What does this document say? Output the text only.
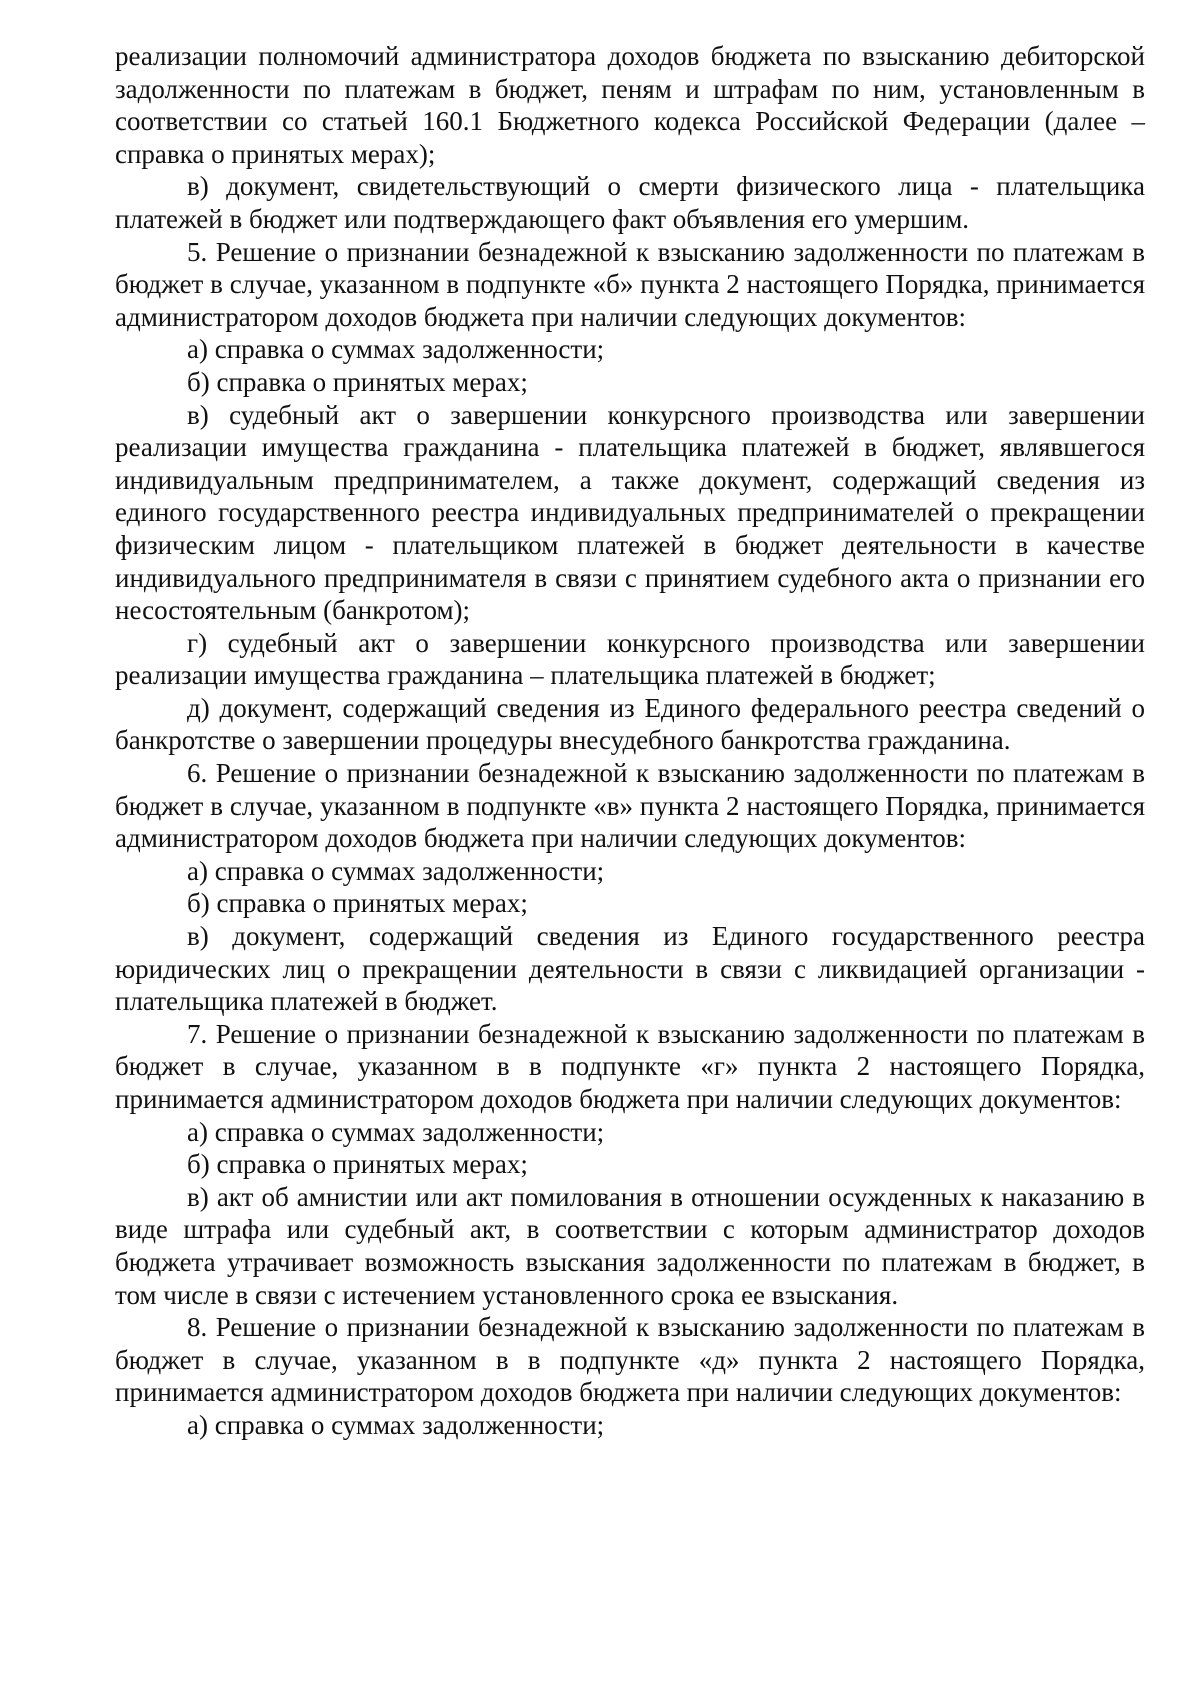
реализации полномочий администратора доходов бюджета по взысканию дебиторской задолженности по платежам в бюджет, пеням и штрафам по ним, установленным в соответствии со статьей 160.1 Бюджетного кодекса Российской Федерации (далее – справка о принятых мерах);

в) документ, свидетельствующий о смерти физического лица - плательщика платежей в бюджет или подтверждающего факт объявления его умершим.

5. Решение о признании безнадежной к взысканию задолженности по платежам в бюджет в случае, указанном в подпункте «б» пункта 2 настоящего Порядка, принимается администратором доходов бюджета при наличии следующих документов:

а) справка о суммах задолженности;

б) справка о принятых мерах;

в) судебный акт о завершении конкурсного производства или завершении реализации имущества гражданина - плательщика платежей в бюджет, являвшегося индивидуальным предпринимателем, а также документ, содержащий сведения из единого государственного реестра индивидуальных предпринимателей о прекращении физическим лицом - плательщиком платежей в бюджет деятельности в качестве индивидуального предпринимателя в связи с принятием судебного акта о признании его несостоятельным (банкротом);

г) судебный акт о завершении конкурсного производства или завершении реализации имущества гражданина – плательщика платежей в бюджет;

д) документ, содержащий сведения из Единого федерального реестра сведений о банкротстве о завершении процедуры внесудебного банкротства гражданина.

6. Решение о признании безнадежной к взысканию задолженности по платежам в бюджет в случае, указанном в подпункте «в» пункта 2 настоящего Порядка, принимается администратором доходов бюджета при наличии следующих документов:

а) справка о суммах задолженности;

б) справка о принятых мерах;

в) документ, содержащий сведения из Единого государственного реестра юридических лиц о прекращении деятельности в связи с ликвидацией организации - плательщика платежей в бюджет.

7. Решение о признании безнадежной к взысканию задолженности по платежам в бюджет в случае, указанном в в подпункте «г» пункта 2 настоящего Порядка, принимается администратором доходов бюджета при наличии следующих документов:

а) справка о суммах задолженности;

б) справка о принятых мерах;

в) акт об амнистии или акт помилования в отношении осужденных к наказанию в виде штрафа или судебный акт, в соответствии с которым администратор доходов бюджета утрачивает возможность взыскания задолженности по платежам в бюджет, в том числе в связи с истечением установленного срока ее взыскания.

8. Решение о признании безнадежной к взысканию задолженности по платежам в бюджет в случае, указанном в в подпункте «д» пункта 2 настоящего Порядка, принимается администратором доходов бюджета при наличии следующих документов:

а) справка о суммах задолженности;
